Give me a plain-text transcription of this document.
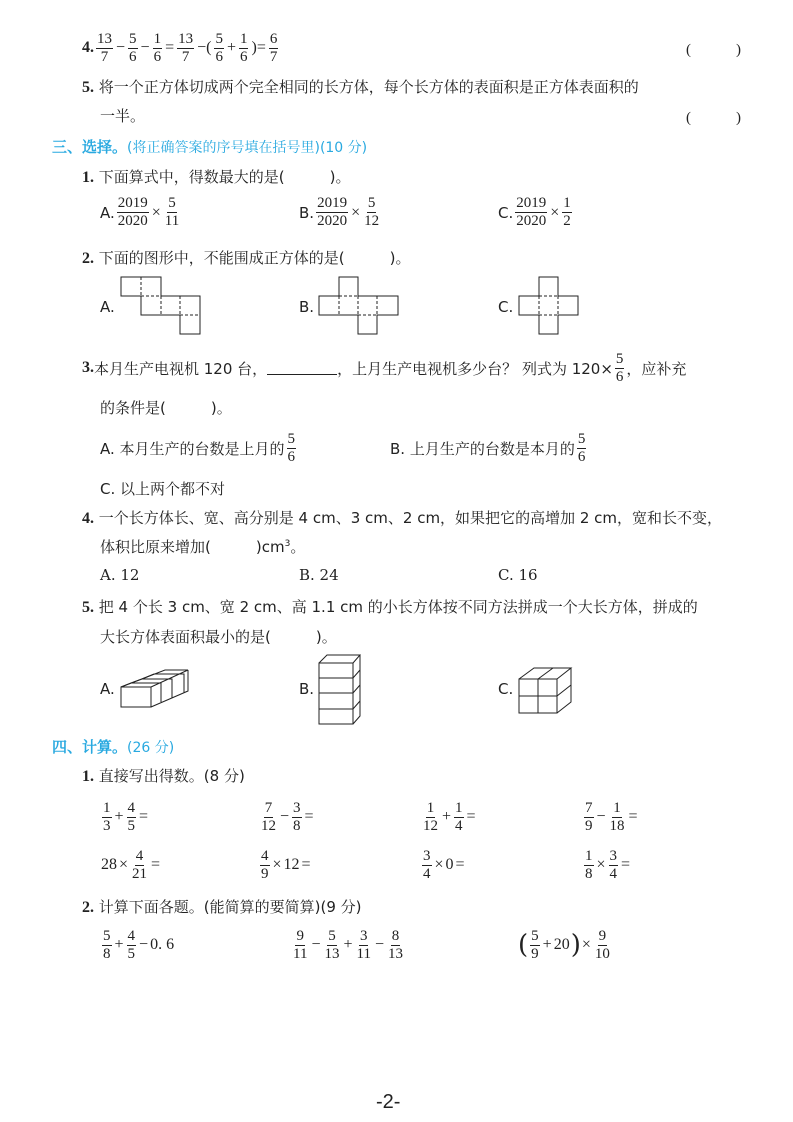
4. $\frac{13}{7} - \frac{5}{6} - \frac{1}{6} = \frac{13}{7}$ −( $\frac{5}{6} + \frac{1}{6}$ )= $\frac{6}{7}$	(　　　)
5. 将一个正方体切成两个完全相同的长方体，每个长方体的表面积是正方体表面积的
一半。	(　　　)
三、选择。(将正确答案的序号填在括号里)(10 分)
1. 下面算式中，得数最大的是(　　　)。
A. $\frac{2019}{2020} \times \frac{5}{11}$	B. $\frac{2019}{2020} \times \frac{5}{12}$	C. $\frac{2019}{2020} \times \frac{1}{2}$
2. 下面的图形中，不能围成正方体的是(　　　)。
A.	B.	C.
3. 本月生产电视机 120 台，	，上月生产电视机多少台？ 列式为 $120\times \frac{5}{6}$ ，应补充
的条件是(　　　)。
A. 本月生产的台数是上月的 $\frac{5}{6}$	B. 上月生产的台数是本月的 $\frac{5}{6}$
C. 以上两个都不对
4. 一个长方体长、宽、高分别是 4 cm、3 cm、2 cm，如果把它的高增加 2 cm，宽和长不变，
体积比原来增加(　　　)$cm^3$。
A. 12	B. 24	C. 16
5. 把 4 个长 3 cm、宽 2 cm、高 1.1 cm 的小长方体按不同方法拼成一个大长方体，拼成的
大长方体表面积最小的是(　　　)。
A.	B.	C.
四、计算。(26 分)
1. 直接写出得数。(8 分)
$\frac{1}{3} + \frac{4}{5}$ =	$\frac{7}{12} - \frac{3}{8}$ =	$\frac{1}{12} + \frac{1}{4}$ =	$\frac{7}{9} - \frac{1}{18}$ =
$28 \times \frac{4}{21}$ =	$\frac{4}{9} \times 12$ =	$\frac{3}{4} \times 0$ =	$\frac{1}{8} \times \frac{3}{4}$ =
2. 计算下面各题。(能简算的要简算)(9 分)
$\frac{5}{8} + \frac{4}{5} - 0$. 6	$\frac{9}{11} - \frac{5}{13} + \frac{3}{11} - \frac{8}{13}$	( $\frac{5}{9} + 20$ ) × $\frac{9}{10}$
-2-
